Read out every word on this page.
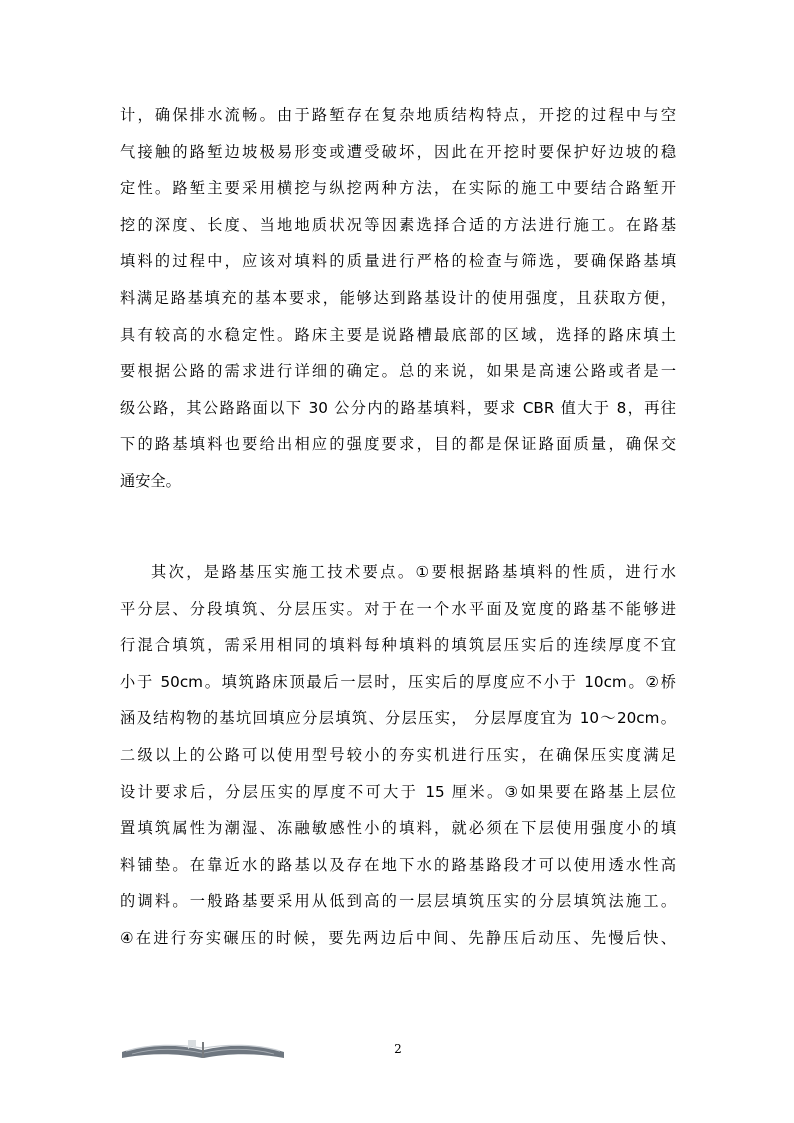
计，确保排水流畅。由于路堑存在复杂地质结构特点，开挖的过程中与空
气接触的路堑边坡极易形变或遭受破坏，因此在开挖时要保护好边坡的稳
定性。路堑主要采用横挖与纵挖两种方法，在实际的施工中要结合路堑开
挖的深度、长度、当地地质状况等因素选择合适的方法进行施工。在路基
填料的过程中，应该对填料的质量进行严格的检查与筛选，要确保路基填
料满足路基填充的基本要求，能够达到路基设计的使用强度，且获取方便，
具有较高的水稳定性。路床主要是说路槽最底部的区域，选择的路床填土
要根据公路的需求进行详细的确定。总的来说，如果是高速公路或者是一
级公路，其公路路面以下 30 公分内的路基填料，要求 CBR 值大于 8，再往
下的路基填料也要给出相应的强度要求，目的都是保证路面质量，确保交
通安全。
其次，是路基压实施工技术要点。①要根据路基填料的性质，进行水
平分层、分段填筑、分层压实。对于在一个水平面及宽度的路基不能够进
行混合填筑，需采用相同的填料每种填料的填筑层压实后的连续厚度不宜
小于 50cm。填筑路床顶最后一层时，压实后的厚度应不小于 10cm。②桥
涵及结构物的基坑回填应分层填筑、分层压实， 分层厚度宜为 10～20cm。
二级以上的公路可以使用型号较小的夯实机进行压实，在确保压实度满足
设计要求后，分层压实的厚度不可大于 15 厘米。③如果要在路基上层位
置填筑属性为潮湿、冻融敏感性小的填料，就必须在下层使用强度小的填
料铺垫。在靠近水的路基以及存在地下水的路基路段才可以使用透水性高
的调料。一般路基要采用从低到高的一层层填筑压实的分层填筑法施工。
④在进行夯实碾压的时候，要先两边后中间、先静压后动压、先慢后快、
2
